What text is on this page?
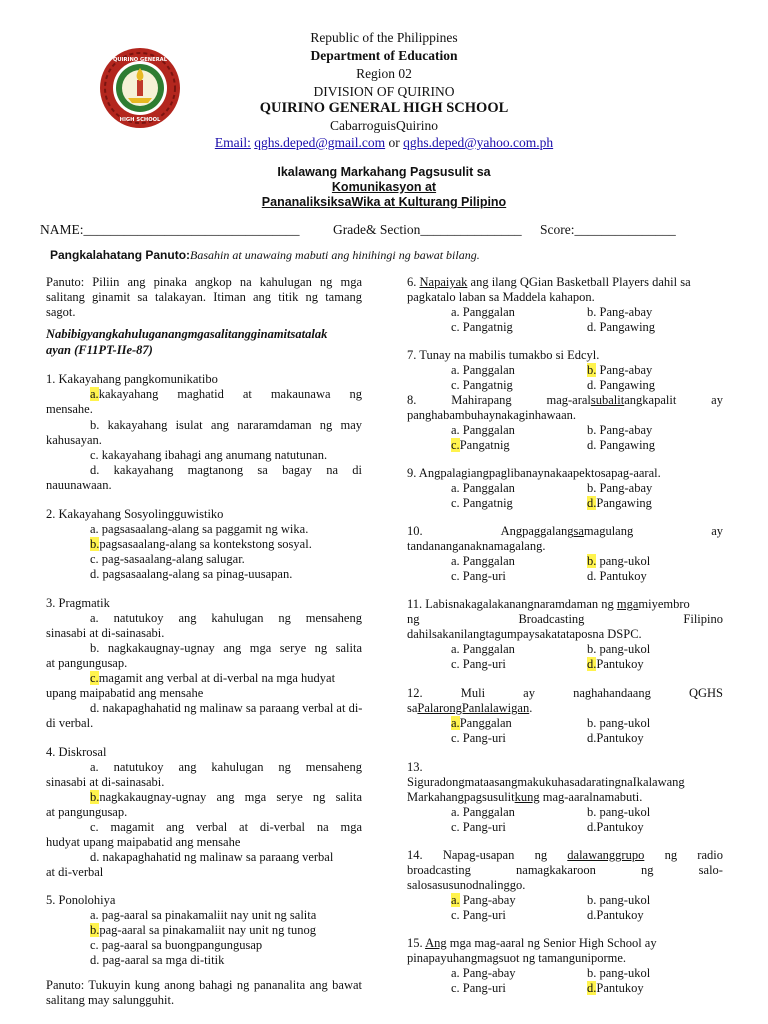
QUIRINO GENERAL
HIGH SCHOOL
Republic of the Philippines
Department of Education
Region 02
DIVISION OF QUIRINO
QUIRINO GENERAL HIGH SCHOOL
CabarroguisQuirino
Email: qghs.deped@gmail.com or qghs.deped@yahoo.com.ph
Ikalawang Markahang Pagsusulit sa
Komunikasyon at
PananaliksiksaWika at Kulturang Pilipino
NAME:________________________________ Grade& Section_______________ Score:_______________
Pangkalahatang Panuto:Basahin at unawaing mabuti ang hinihingi ng bawat bilang.
Panuto: Piliin ang pinaka angkop na kahulugan ng mga salitang ginamit sa talakayan. Itiman ang titik ng tamang sagot.
Nabibigyangkahuluganangmgasalitangginamitsatalak
ayan (F11PT-IIe-87)
1. Kakayahang pangkomunikatibo
a.kakayahang maghatid at makaunawa ng
mensahe.
b. kakayahang isulat ang nararamdaman ng may
kahusayan.
c. kakayahang ibahagi ang anumang natutunan.
d. kakayahang magtanong sa bagay na di
nauunawaan.
2. Kakayahang Sosyolingguwistiko
a. pagsasaalang-alang sa paggamit ng wika.
b.pagsasaalang-alang sa kontekstong sosyal.
c. pag-sasaalang-alang salugar.
d. pagsasaalang-alang sa pinag-uusapan.
3. Pragmatik
a. natutukoy ang kahulugan ng mensaheng
sinasabi at di-sainasabi.
b. nagkakaugnay-ugnay ang mga serye ng salita
at pangungusap.
c.magamit ang verbal at di-verbal na mga hudyat
upang maipabatid ang mensahe
d. nakapaghahatid ng malinaw sa paraang verbal at di-
di verbal.
4. Diskrosal
a. natutukoy ang kahulugan ng mensaheng
sinasabi at di-sainasabi.
b.nagkakaugnay-ugnay ang mga serye ng salita
at pangungusap.
c. magamit ang verbal at di-verbal na mga
hudyat upang maipabatid ang mensahe
d. nakapaghahatid ng malinaw sa paraang verbal
at di-verbal
5. Ponolohiya
a. pag-aaral sa pinakamaliit nay unit ng salita
b.pag-aaral sa pinakamaliit nay unit ng tunog
c. pag-aaral sa buongpangungusap
d. pag-aaral sa mga di-titik
Panuto: Tukuyin kung anong bahagi ng pananalita ang bawat salitang may salungguhit.
6. Napaiyak ang ilang QGian Basketball Players dahil sa
pagkatalo laban sa Maddela kahapon.
a. Panggalan	b. Pang-abay
c. Pangatnig	d. Pangawing
7. Tunay na mabilis tumakbo si Edcyl.
a. Panggalan	b. Pang-abay
c. Pangatnig	d. Pangawing
8.	Mahirapang	mag-aralsubalitangkapalit	ay
panghabambuhaynakaginhawaan.
a. Panggalan	b. Pang-abay
c.Pangatnig	d. Pangawing
9. Angpalagiangpaglibanaynakaapektosapag-aaral.
a. Panggalan	b. Pang-abay
c. Pangatnig	d.Pangawing
10.	Angpaggalangsamagulang	ay
tandananganaknamagalang.
a. Panggalan	b. pang-ukol
c. Pang-uri	d. Pantukoy
11. Labisnakagalakanangnaramdaman ng mgamiyembro
ng	Broadcasting	Filipino
dahilsakanilangtagumpaysakatataposna DSPC.
a. Panggalan	b. pang-ukol
c. Pang-uri	d.Pantukoy
12.	Muli	ay	naghahandaang	QGHS
saPalarongPanlalawigan.
a.Panggalan	b. pang-ukol
c. Pang-uri	d.Pantukoy
13.
SiguradongmataasangmakukuhasadaratingnaIkalawang
Markahangpagsusulitkung mag-aaralnamabuti.
a. Panggalan	b. pang-ukol
c. Pang-uri	d.Pantukoy
14. Napag-usapan ng dalawanggrupo ng radio
broadcasting	namagkakaroon	ng	salo-
salosasusunodnalinggo.
a. Pang-abay	b. pang-ukol
c. Pang-uri	d.Pantukoy
15. Ang mga mag-aaral ng Senior High School ay
pinapayuhangmagsuot ng tamanguniporme.
a. Pang-abay	b. pang-ukol
c. Pang-uri	d.Pantukoy
